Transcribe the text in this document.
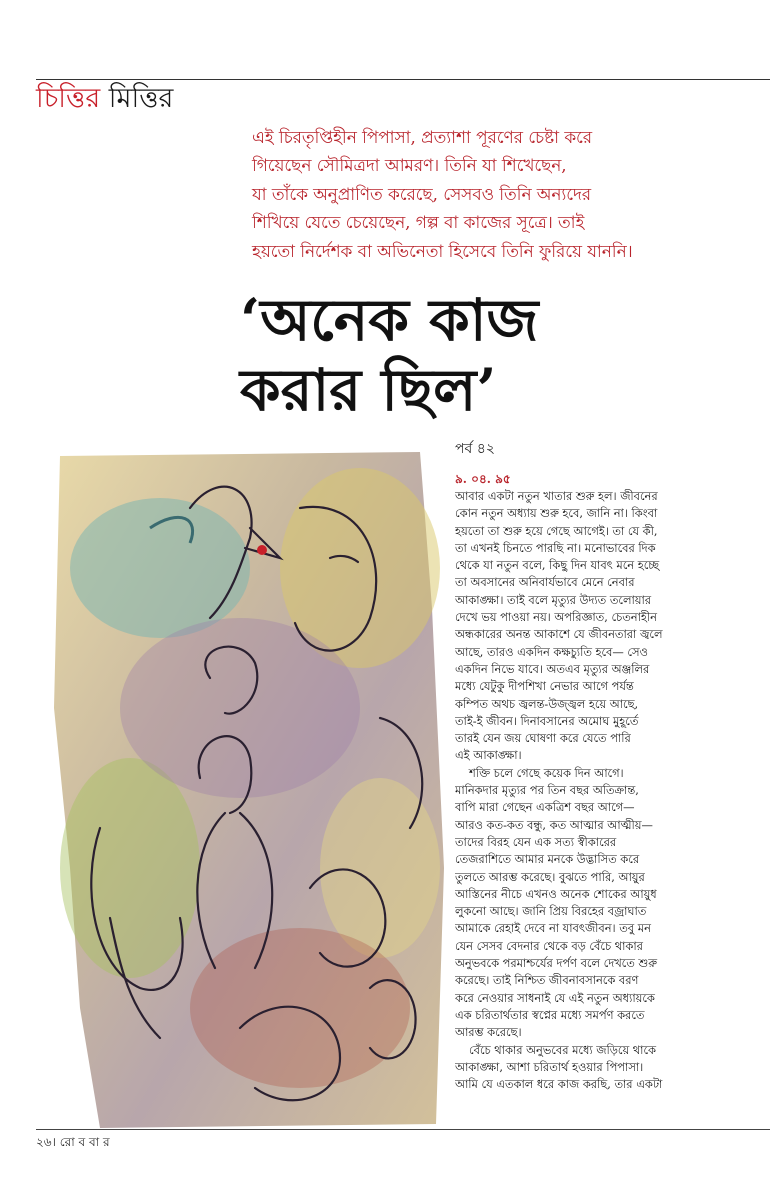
চিত্তির মিত্তির
এই চিরতৃপ্তিহীন পিপাসা, প্রত্যাশা পূরণের চেষ্টা করে
গিয়েছেন সৌমিত্রদা আমরণ। তিনি যা শিখেছেন,
যা তাঁকে অনুপ্রাণিত করেছে, সেসবও তিনি অন্যদের
শিখিয়ে যেতে চেয়েছেন, গল্প বা কাজের সূত্রে। তাই
হয়তো নির্দেশক বা অভিনেতা হিসেবে তিনি ফুরিয়ে যাননি।
‘অনেক কাজ
করার ছিল’
পর্ব ৪২
৯. ০৪. ৯৫
আবার একটা নতুন খাতার শুরু হল। জীবনের
কোন নতুন অধ্যায় শুরু হবে, জানি না। কিংবা
হয়তো তা শুরু হয়ে গেছে আগেই। তা যে কী,
তা এখনই চিনতে পারছি না। মনোভাবের দিক
থেকে যা নতুন বলে, কিছু দিন যাবৎ মনে হচ্ছে
তা অবসানের অনিবার্যভাবে মেনে নেবার
আকাঙ্ক্ষা। তাই বলে মৃত্যুর উদ্যত তলোয়ার
দেখে ভয় পাওয়া নয়। অপরিজ্ঞাত, চেতনাহীন
অন্ধকারের অনন্ত আকাশে যে জীবনতারা জ্বলে
আছে, তারও একদিন কক্ষচ্যুতি হবে— সেও
একদিন নিভে যাবে। অতএব মৃত্যুর অঞ্জলির
মধ্যে যেটুকু দীপশিখা নেভার আগে পর্যন্ত
কম্পিত অথচ জ্বলন্ত-উজ্জ্বল হয়ে আছে,
তাই-ই জীবন। দিনাবসানের অমোঘ মুহূর্তে
তারই যেন জয় ঘোষণা করে যেতে পারি
এই আকাঙ্ক্ষা।
শক্তি চলে গেছে কয়েক দিন আগে।
মানিকদার মৃত্যুর পর তিন বছর অতিক্রান্ত,
বাপি মারা গেছেন একত্রিশ বছর আগে—
আরও কত-কত বন্ধু, কত আত্মার আত্মীয়—
তাদের বিরহ যেন এক সত্য স্বীকারের
তেজরাশিতে আমার মনকে উদ্ভাসিত করে
তুলতে আরম্ভ করেছে। বুঝতে পারি, আয়ুর
আস্তিনের নীচে এখনও অনেক শোকের আয়ুধ
লুকনো আছে। জানি প্রিয় বিরহের বজ্রাঘাত
আমাকে রেহাই দেবে না যাবৎজীবন। তবু মন
যেন সেসব বেদনার থেকে বড় বেঁচে থাকার
অনুভবকে পরমাশ্চর্যের দর্পণ বলে দেখতে শুরু
করেছে। তাই নিশ্চিত জীবনাবসানকে বরণ
করে নেওয়ার সাধনাই যে এই নতুন অধ্যায়কে
এক চরিতার্থতার স্বপ্নের মধ্যে সমর্পণ করতে
আরম্ভ করেছে।
বেঁচে থাকার অনুভবের মধ্যে জড়িয়ে থাকে
আকাঙ্ক্ষা, আশা চরিতার্থ হওয়ার পিপাসা।
আমি যে এতকাল ধরে কাজ করছি, তার একটা
২৬। রো ব বা র
